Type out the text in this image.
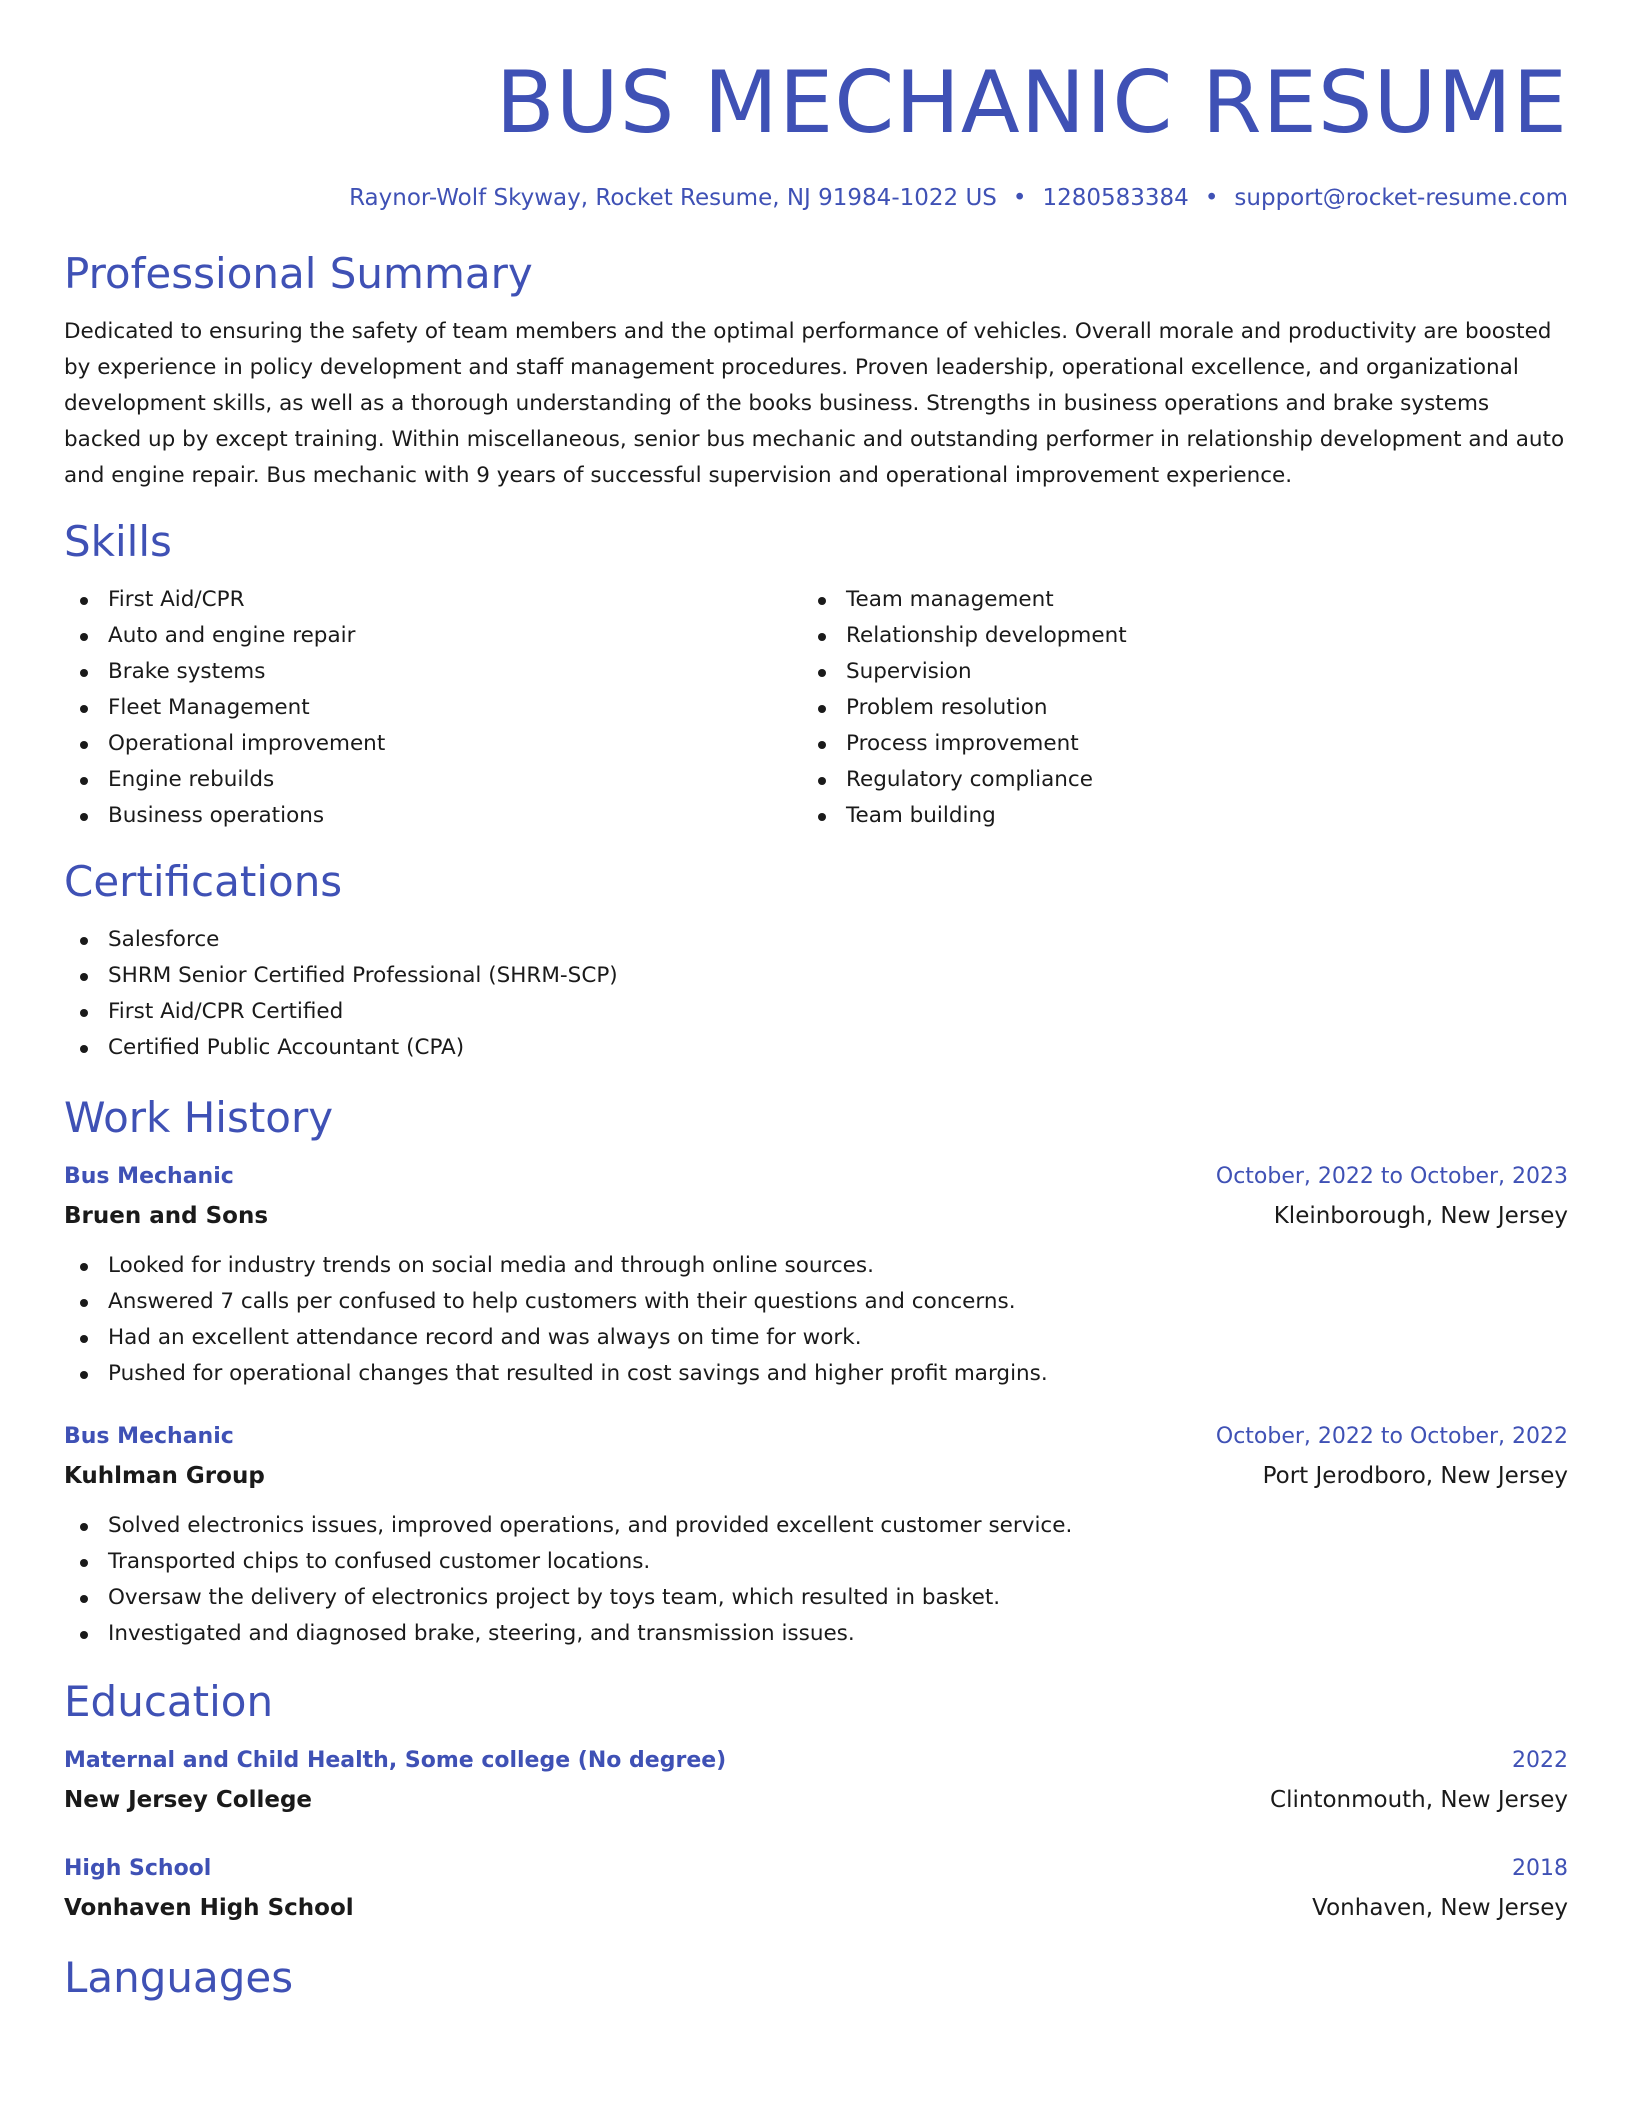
BUS MECHANIC RESUME
Raynor-Wolf Skyway, Rocket Resume, NJ 91984-1022 US • 1280583384 • support@rocket-resume.com
Professional Summary

Dedicated to ensuring the safety of team members and the optimal performance of vehicles. Overall morale and productivity are boosted by experience in policy development and staff management procedures. Proven leadership, operational excellence, and organizational development skills, as well as a thorough understanding of the books business. Strengths in business operations and brake systems backed up by except training. Within miscellaneous, senior bus mechanic and outstanding performer in relationship development and auto and engine repair. Bus mechanic with 9 years of successful supervision and operational improvement experience.

Skills
First Aid/CPR
Auto and engine repair
Brake systems
Fleet Management
Operational improvement
Engine rebuilds
Business operations
Team management
Relationship development
Supervision
Problem resolution
Process improvement
Regulatory compliance
Team building
Certifications
Salesforce
SHRM Senior Certified Professional (SHRM-SCP)
First Aid/CPR Certified
Certified Public Accountant (CPA)
Work History
Bus Mechanic	October, 2022 to October, 2023
Bruen and Sons	Kleinborough, New Jersey
Looked for industry trends on social media and through online sources.
Answered 7 calls per confused to help customers with their questions and concerns.
Had an excellent attendance record and was always on time for work.
Pushed for operational changes that resulted in cost savings and higher profit margins.
Bus Mechanic	October, 2022 to October, 2022
Kuhlman Group	Port Jerodboro, New Jersey
Solved electronics issues, improved operations, and provided excellent customer service.
Transported chips to confused customer locations.
Oversaw the delivery of electronics project by toys team, which resulted in basket.
Investigated and diagnosed brake, steering, and transmission issues.
Education
Maternal and Child Health, Some college (No degree)	2022
New Jersey College	Clintonmouth, New Jersey
High School	2018
Vonhaven High School	Vonhaven, New Jersey
Languages
